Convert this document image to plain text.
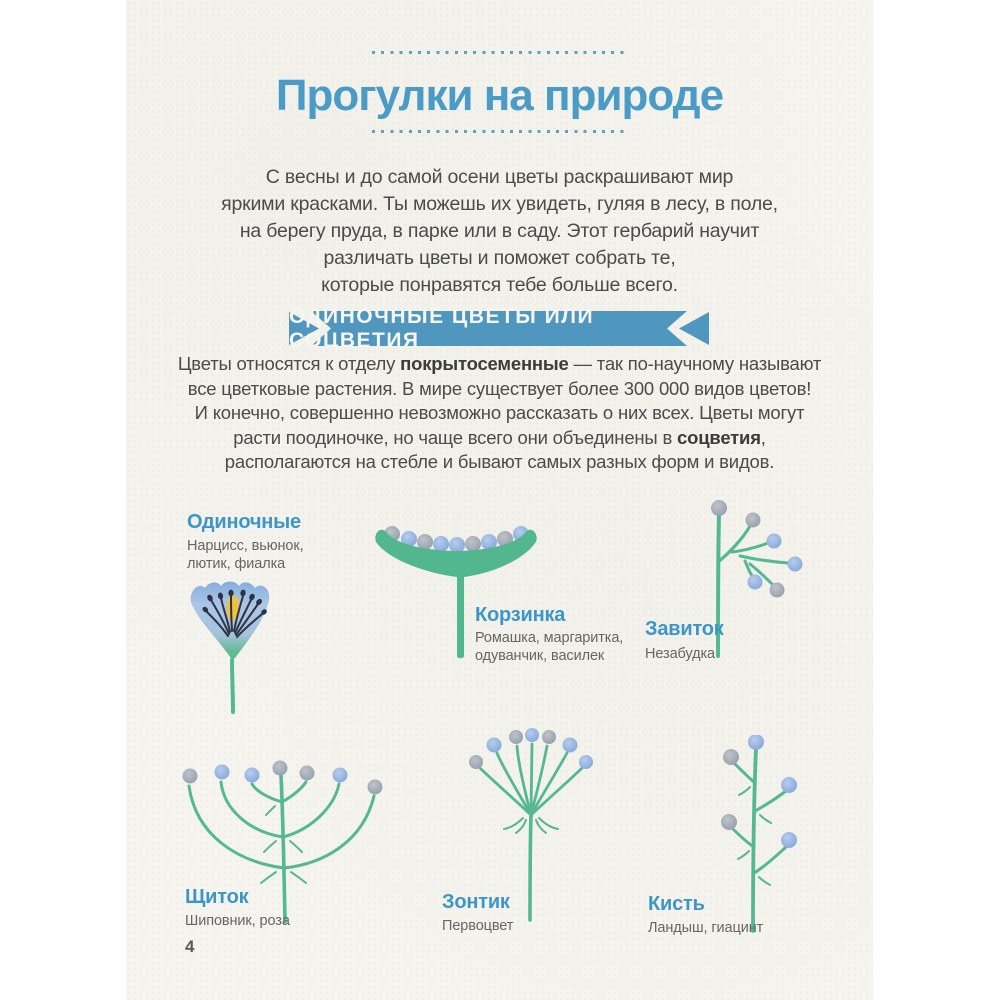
Прогулки на природе
С весны и до самой осени цветы раскрашивают мир
яркими красками. Ты можешь их увидеть, гуляя в лесу, в поле,
на берегу пруда, в парке или в саду. Этот гербарий научит
различать цветы и поможет собрать те,
которые понравятся тебе больше всего.
ОДИНОЧНЫЕ ЦВЕТЫ ИЛИ СОЦВЕТИЯ
Цветы относятся к отделу покрытосеменные — так по-научному называют
все цветковые растения. В мире существует более 300 000 видов цветов!
И конечно, совершенно невозможно рассказать о них всех. Цветы могут
расти поодиночке, но чаще всего они объединены в соцветия,
располагаются на стебле и бывают самых разных форм и видов.
Одиночные
Нарцисс, вьюнок,
лютик, фиалка
Корзинка
Ромашка, маргаритка,
одуванчик, василек
Завиток
Незабудка
Щиток
Шиповник, роза
Зонтик
Первоцвет
Кисть
Ландыш, гиацинт
4
